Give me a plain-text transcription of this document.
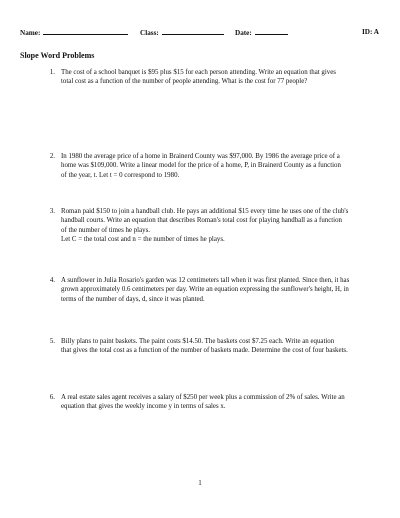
Name:	Class:	Date:	ID: A
Slope Word Problems
1. The cost of a school banquet is $95 plus $15 for each person attending. Write an equation that gives
total cost as a function of the number of people attending. What is the cost for 77 people?
2. In 1980 the average price of a home in Brainerd County was $97,000. By 1986 the average price of a
home was $109,000. Write a linear model for the price of a home, P, in Brainerd County as a function
of the year, t. Let t = 0 correspond to 1980.
3. Roman paid $150 to join a handball club. He pays an additional $15 every time he uses one of the club's
handball courts. Write an equation that describes Roman's total cost for playing handball as a function
of the number of times he plays.
Let C = the total cost and n = the number of times he plays.
4. A sunflower in Julia Rosario's garden was 12 centimeters tall when it was first planted. Since then, it has
grown approximately 0.6 centimeters per day. Write an equation expressing the sunflower's height, H, in
terms of the number of days, d, since it was planted.
5. Billy plans to paint baskets. The paint costs $14.50. The baskets cost $7.25 each. Write an equation
that gives the total cost as a function of the number of baskets made. Determine the cost of four baskets.
6. A real estate sales agent receives a salary of $250 per week plus a commission of 2% of sales. Write an
equation that gives the weekly income y in terms of sales x.
1
